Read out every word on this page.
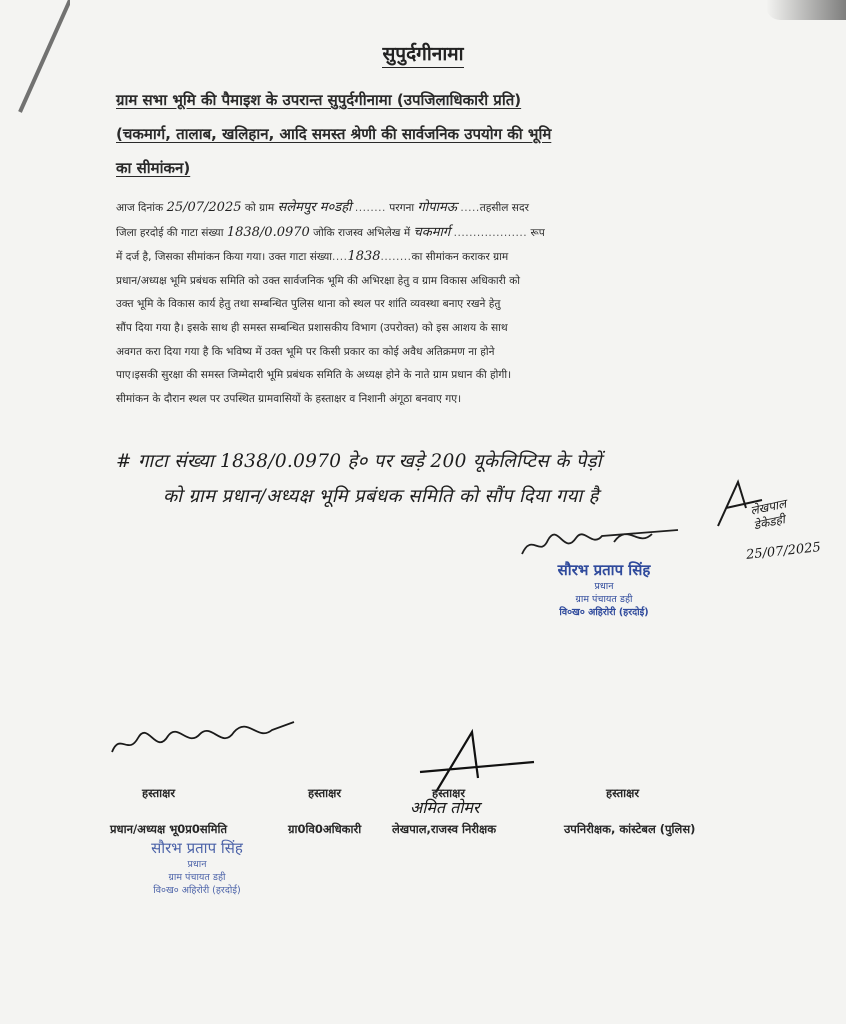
सुपुर्दगीनामा
ग्राम सभा भूमि की पैमाइश के उपरान्त सुपुर्दगीनामा (उपजिलाधिकारी प्रति)
(चकमार्ग, तालाब, खलिहान, आदि समस्त श्रेणी की सार्वजनिक उपयोग की भूमि
का सीमांकन)
आज दिनांक 25/07/2025 को ग्राम सलेमपुर म०डही ........ परगना गोपामऊ .....तहसील सदर
जिला हरदोई की गाटा संख्या 1838/0.0970 जोकि राजस्व अभिलेख में चकमार्ग ................... रूप
में दर्ज है, जिसका सीमांकन किया गया। उक्त गाटा संख्या....1838........का सीमांकन कराकर ग्राम
प्रधान/अध्यक्ष भूमि प्रबंधक समिति को उक्त सार्वजनिक भूमि की अभिरक्षा हेतु व ग्राम विकास अधिकारी को
उक्त भूमि के विकास कार्य हेतु तथा सम्बन्धित पुलिस थाना को स्थल पर शांति व्यवस्था बनाए रखने हेतु
सौंप दिया गया है। इसके साथ ही समस्त सम्बन्धित प्रशासकीय विभाग (उपरोक्त) को इस आशय के साथ
अवगत करा दिया गया है कि भविष्य में उक्त भूमि पर किसी प्रकार का कोई अवैध अतिक्रमण ना होने
पाए।इसकी सुरक्षा की समस्त जिम्मेदारी भूमि प्रबंधक समिति के अध्यक्ष होने के नाते ग्राम प्रधान की होगी।
सीमांकन के दौरान स्थल पर उपस्थित ग्रामवासियों के हस्ताक्षर व निशानी अंगूठा बनवाए गए।
# गाटा संख्या 1838/0.0970 हे० पर खड़े 200 यूकेलिप्टिस के पेड़ों
को ग्राम प्रधान/अध्यक्ष भूमि प्रबंधक समिति को सौंप दिया गया है
लेखपाल
डेकेडही
25/07/2025
सौरभ प्रताप सिंह
प्रधान
ग्राम पंचायत डही
वि०ख० अहिरोरी (हरदोई)
अमित तोमर
हस्ताक्षर	हस्ताक्षर	हस्ताक्षर	हस्ताक्षर
प्रधान/अध्यक्ष भू0प्र0समिति	ग्रा0वि0अधिकारी	लेखपाल,राजस्व निरीक्षक	उपनिरीक्षक, कांस्टेबल (पुलिस)
सौरभ प्रताप सिंह
प्रधान
ग्राम पंचायत डही
वि०ख० अहिरोरी (हरदोई)
